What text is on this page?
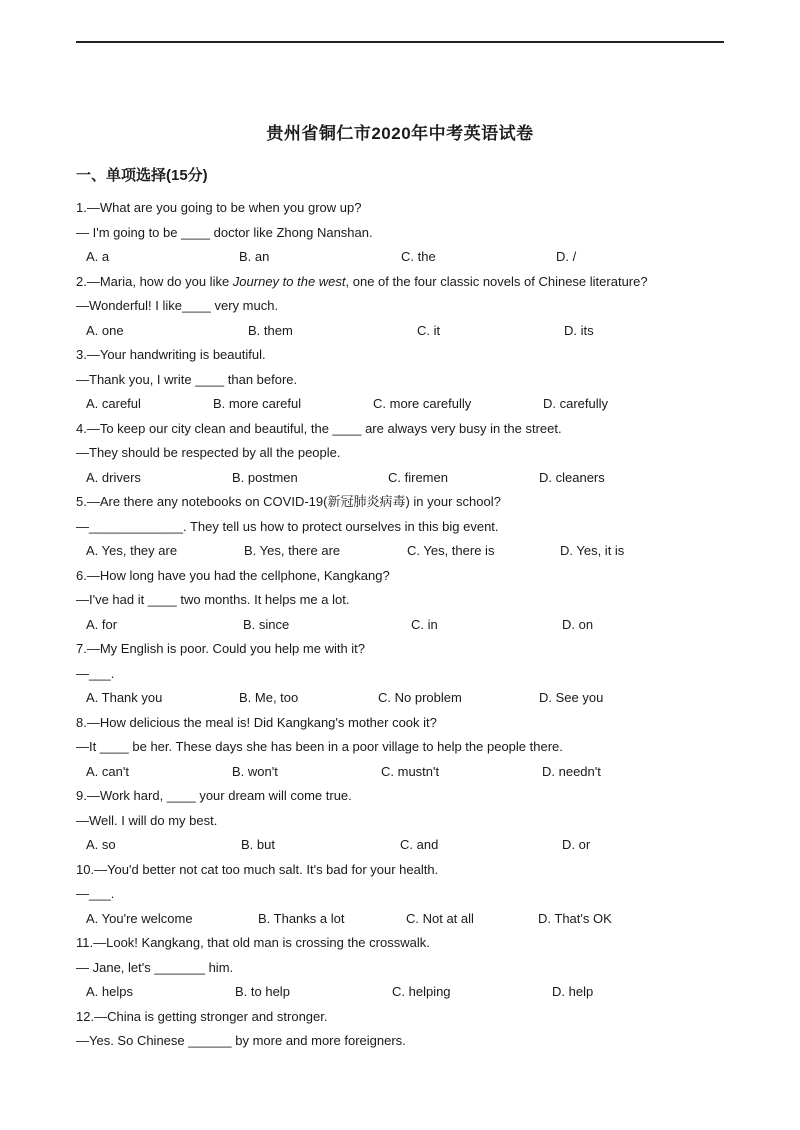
贵州省铜仁市2020年中考英语试卷
一、单项选择(15分)
1.—What are you going to be when you grow up?
— I'm going to be ____ doctor like Zhong Nanshan.
A. a	B. an	C. the	D. /
2.—Maria, how do you like Journey to the west, one of the four classic novels of Chinese literature?
—Wonderful! I like____ very much.
A. one	B. them	C. it	D. its
3.—Your handwriting is beautiful.
—Thank you, I write ____ than before.
A. careful	B. more careful	C. more carefully	D. carefully
4.—To keep our city clean and beautiful, the ____ are always very busy in the street.
—They should be respected by all the people.
A. drivers	B. postmen	C. firemen	D. cleaners
5.—Are there any notebooks on COVID-19(新冠肺炎病毒) in your school?
—_____________. They tell us how to protect ourselves in this big event.
A. Yes, they are	B. Yes, there are	C. Yes, there is	D. Yes, it is
6.—How long have you had the cellphone, Kangkang?
—I've had it ____ two months. It helps me a lot.
A. for	B. since	C. in	D. on
7.—My English is poor. Could you help me with it?
—___.
A. Thank you	B. Me, too	C. No problem	D. See you
8.—How delicious the meal is! Did Kangkang's mother cook it?
—It ____ be her. These days she has been in a poor village to help the people there.
A. can't	B. won't	C. mustn't	D. needn't
9.—Work hard, ____ your dream will come true.
—Well. I will do my best.
A. so	B. but	C. and	D. or
10.—You'd better not cat too much salt. It's bad for your health.
—___.
A. You're welcome	B. Thanks a lot	C. Not at all	D. That's OK
11.—Look! Kangkang, that old man is crossing the crosswalk.
— Jane, let's _______ him.
A. helps	B. to help	C. helping	D. help
12.—China is getting stronger and stronger.
—Yes. So Chinese ______ by more and more foreigners.
